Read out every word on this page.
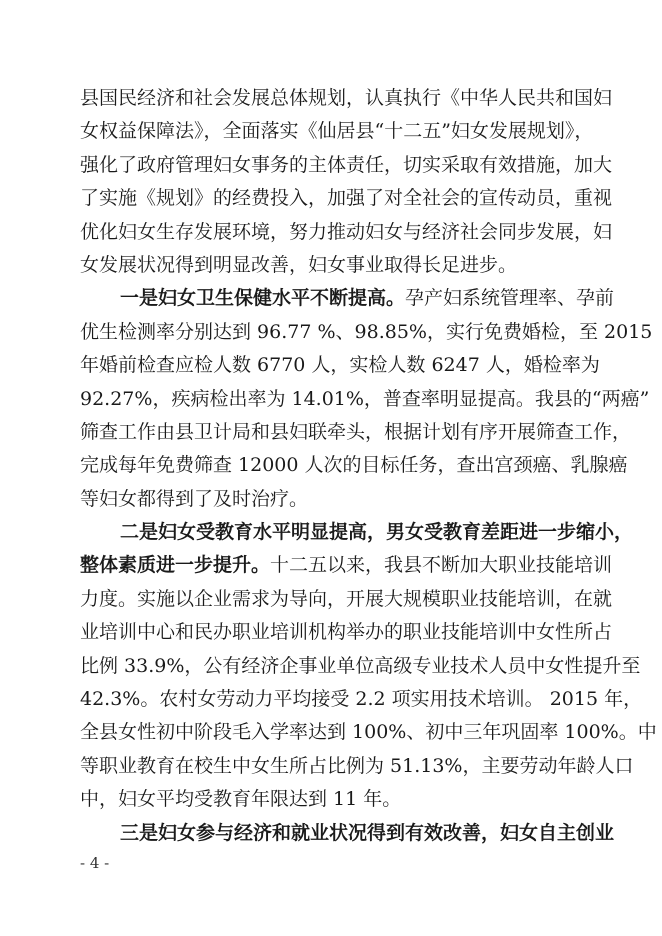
县国民经济和社会发展总体规划，认真执行《中华人民共和国妇
女权益保障法》，全面落实《仙居县“十二五”妇女发展规划》，
强化了政府管理妇女事务的主体责任，切实采取有效措施，加大
了实施《规划》的经费投入，加强了对全社会的宣传动员，重视
优化妇女生存发展环境，努力推动妇女与经济社会同步发展，妇
女发展状况得到明显改善，妇女事业取得长足进步。
一是妇女卫生保健水平不断提高。孕产妇系统管理率、孕前
优生检测率分别达到 96.77 %、98.85%，实行免费婚检，至 2015
年婚前检查应检人数 6770 人，实检人数 6247 人，婚检率为
92.27%，疾病检出率为 14.01%，普查率明显提高。我县的“两癌”
筛查工作由县卫计局和县妇联牵头，根据计划有序开展筛查工作，
完成每年免费筛查 12000 人次的目标任务，查出宫颈癌、乳腺癌
等妇女都得到了及时治疗。
二是妇女受教育水平明显提高，男女受教育差距进一步缩小，
整体素质进一步提升。十二五以来，我县不断加大职业技能培训
力度。实施以企业需求为导向，开展大规模职业技能培训，在就
业培训中心和民办职业培训机构举办的职业技能培训中女性所占
比例 33.9%，公有经济企事业单位高级专业技术人员中女性提升至
42.3%。农村女劳动力平均接受 2.2 项实用技术培训。 2015 年，
全县女性初中阶段毛入学率达到 100%、初中三年巩固率 100%。中
等职业教育在校生中女生所占比例为 51.13%，主要劳动年龄人口
中，妇女平均受教育年限达到 11 年。
三是妇女参与经济和就业状况得到有效改善，妇女自主创业
- 4 -
